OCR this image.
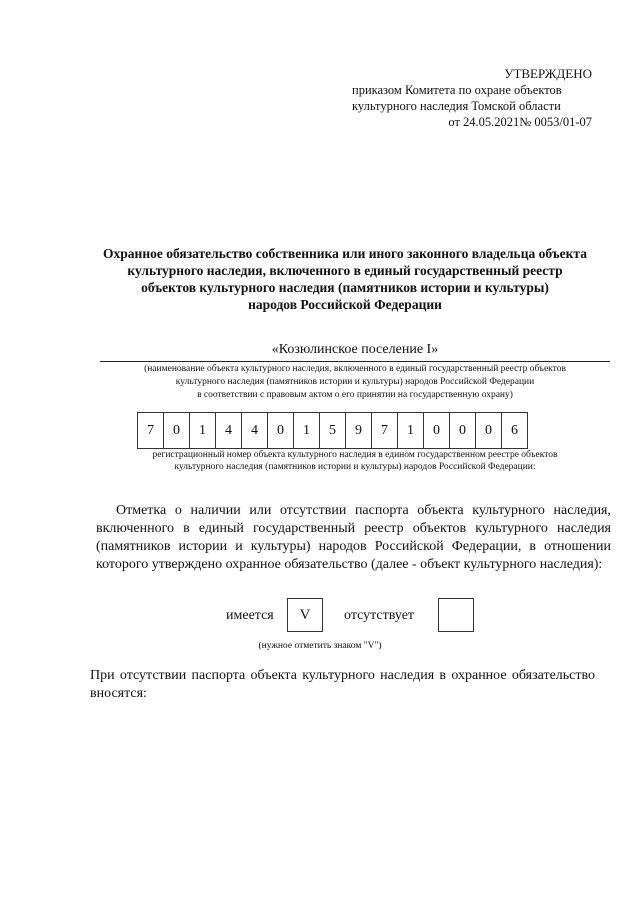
УТВЕРЖДЕНО
приказом Комитета по охране объектов
культурного наследия Томской области
от 24.05.2021№ 0053/01-07
Охранное обязательство собственника или иного законного владельца объекта
культурного наследия, включенного в единый государственный реестр
объектов культурного наследия (памятников истории и культуры)
народов Российской Федерации
«Козюлинское поселение I»
(наименование объекта культурного наследия, включенного в единый государственный реестр объектов
культурного наследия (памятников истории и культуры) народов Российской Федерации
в соответствии с правовым актом о его принятии на государственную охрану)
7	0	1	4	4	0	1	5	9	7	1	0	0	0	6
регистрационный номер объекта культурного наследия в едином государственном реестре объектов
культурного наследия (памятников истории и культуры) народов Российской Федерации:
Отметка о наличии или отсутствии паспорта объекта культурного наследия, включенного в единый государственный реестр объектов культурного наследия (памятников истории и культуры) народов Российской Федерации, в отношении которого утверждено охранное обязательство (далее - объект культурного наследия):
имеется	V	отсутствует
(нужное отметить знаком "V")
При отсутствии паспорта объекта культурного наследия в охранное обязательство вносятся:
